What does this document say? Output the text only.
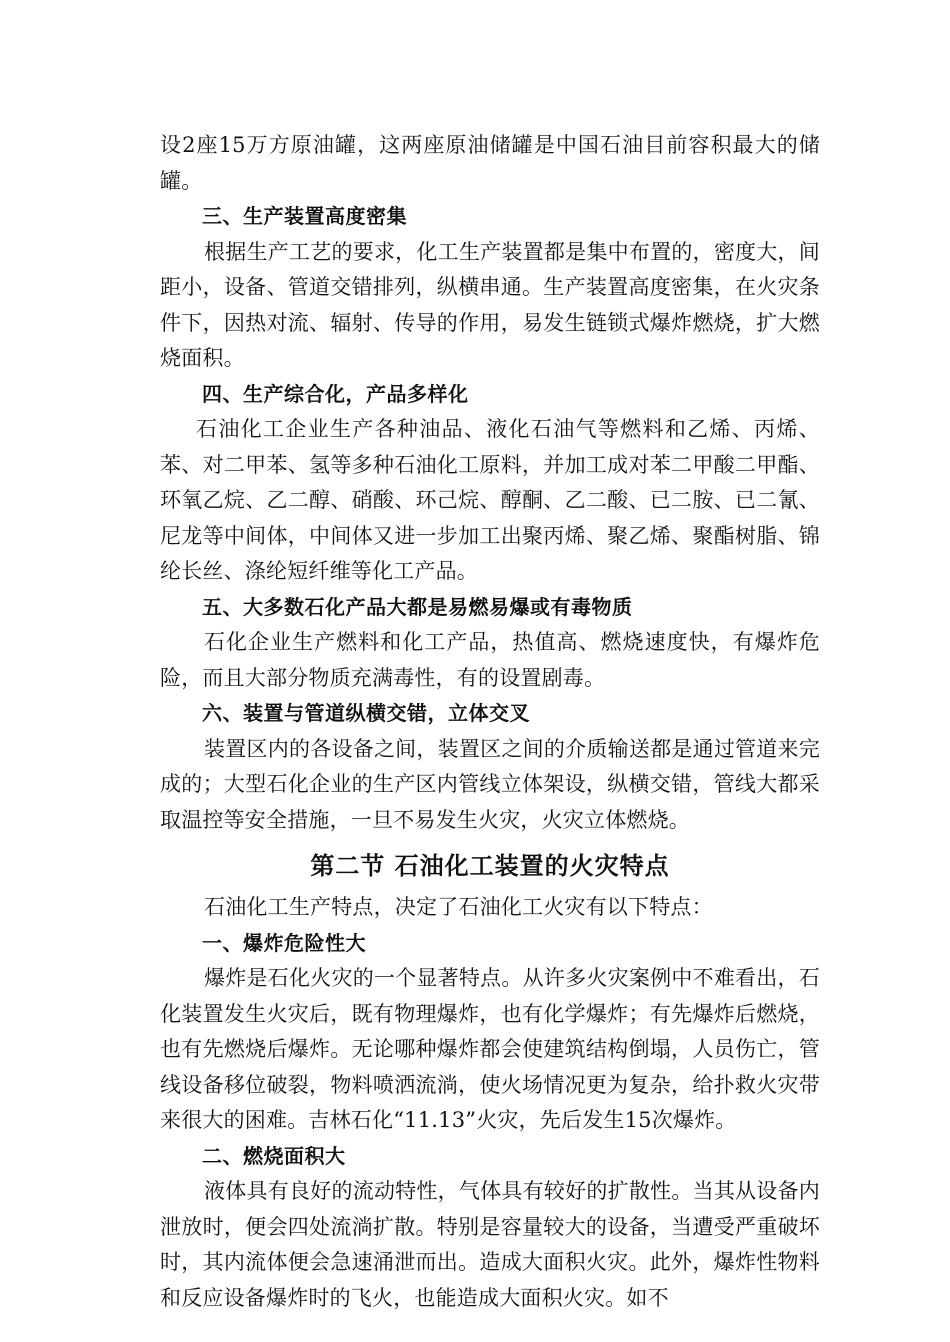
设2座15万方原油罐，这两座原油储罐是中国石油目前容积最大的储罐。

三、生产装置高度密集

根据生产工艺的要求，化工生产装置都是集中布置的，密度大，间距小，设备、管道交错排列，纵横串通。生产装置高度密集，在火灾条件下，因热对流、辐射、传导的作用，易发生链锁式爆炸燃烧，扩大燃烧面积。

四、生产综合化，产品多样化

石油化工企业生产各种油品、液化石油气等燃料和乙烯、丙烯、苯、对二甲苯、氢等多种石油化工原料，并加工成对苯二甲酸二甲酯、环氧乙烷、乙二醇、硝酸、环己烷、醇酮、乙二酸、已二胺、已二氰、尼龙等中间体，中间体又进一步加工出聚丙烯、聚乙烯、聚酯树脂、锦纶长丝、涤纶短纤维等化工产品。

五、大多数石化产品大都是易燃易爆或有毒物质

石化企业生产燃料和化工产品，热值高、燃烧速度快，有爆炸危险，而且大部分物质充满毒性，有的设置剧毒。

六、装置与管道纵横交错，立体交叉

装置区内的各设备之间，装置区之间的介质输送都是通过管道来完成的；大型石化企业的生产区内管线立体架设，纵横交错，管线大都采取温控等安全措施，一旦不易发生火灾，火灾立体燃烧。

第二节 石油化工装置的火灾特点

石油化工生产特点，决定了石油化工火灾有以下特点：

一、爆炸危险性大

爆炸是石化火灾的一个显著特点。从许多火灾案例中不难看出，石化装置发生火灾后，既有物理爆炸，也有化学爆炸；有先爆炸后燃烧，也有先燃烧后爆炸。无论哪种爆炸都会使建筑结构倒塌，人员伤亡，管线设备移位破裂，物料喷洒流淌，使火场情况更为复杂，给扑救火灾带来很大的困难。吉林石化“11.13”火灾，先后发生15次爆炸。

二、燃烧面积大

液体具有良好的流动特性，气体具有较好的扩散性。当其从设备内泄放时，便会四处流淌扩散。特别是容量较大的设备，当遭受严重破坏时，其内流体便会急速涌泄而出。造成大面积火灾。此外，爆炸性物料和反应设备爆炸时的飞火，也能造成大面积火灾。如不
